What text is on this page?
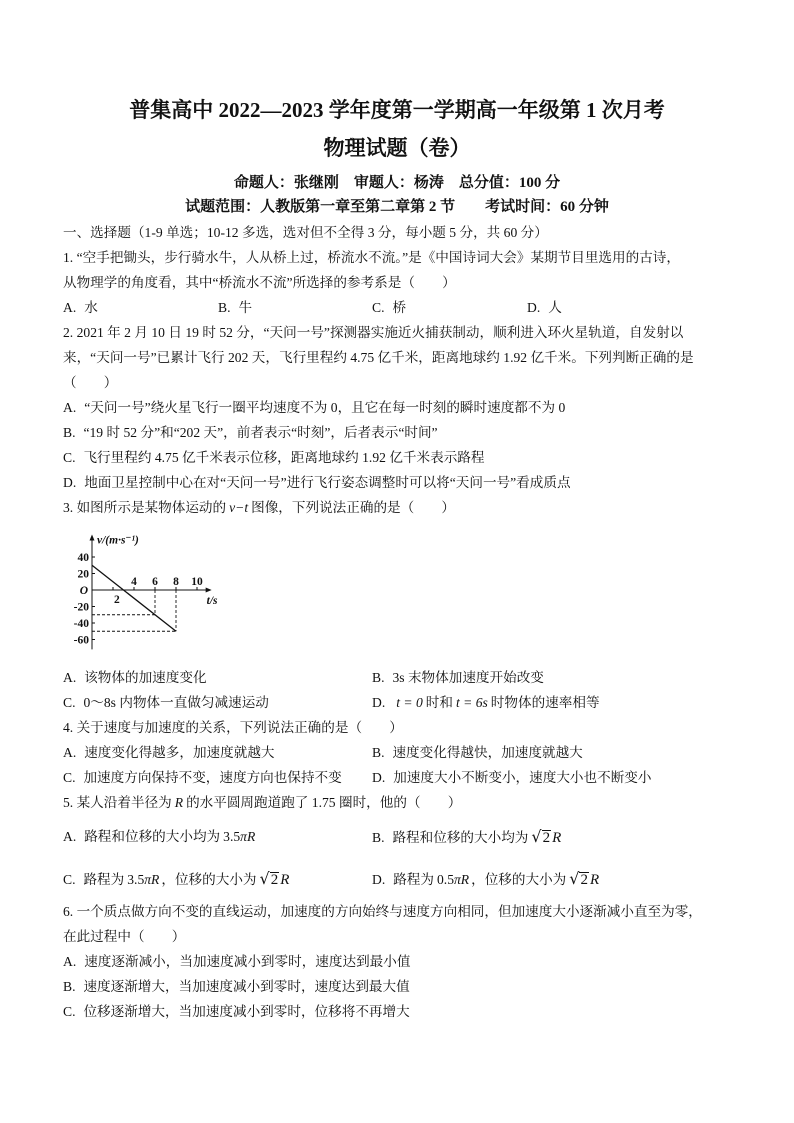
普集高中 2022—2023 学年度第一学期高一年级第 1 次月考
物理试题（卷）
命题人：张继刚　审题人：杨涛　总分值：100 分
试题范围：人教版第一章至第二章第 2 节　　考试时间：60 分钟
一、选择题（1-9 单选；10-12 多选，选对但不全得 3 分，每小题 5 分，共 60 分）
1. “空手把锄头，步行骑水牛，人从桥上过，桥流水不流。”是《中国诗词大会》某期节目里选用的古诗，
从物理学的角度看，其中“桥流水不流”所选择的参考系是（　　）
A. 水	B. 牛	C. 桥	D. 人
2. 2021 年 2 月 10 日 19 时 52 分，“天问一号”探测器实施近火捕获制动，顺利进入环火星轨道，自发射以
来，“天问一号”已累计飞行 202 天，飞行里程约 4.75 亿千米，距离地球约 1.92 亿千米。下列判断正确的是
（　　）
A. “天问一号”绕火星飞行一圈平均速度不为 0，且它在每一时刻的瞬时速度都不为 0
B. “19 时 52 分”和“202 天”，前者表示“时刻”，后者表示“时间”
C. 飞行里程约 4.75 亿千米表示位移，距离地球约 1.92 亿千米表示路程
D. 地面卫星控制中心在对“天问一号”进行飞行姿态调整时可以将“天问一号”看成质点
3. 如图所示是某物体运动的 v−t 图像，下列说法正确的是（　　）
40
20
-20
-40
-60
O
2
4 6 8 10
v/(m·s⁻¹)
t/s
A. 该物体的加速度变化	B. 3s 末物体加速度开始改变
C. 0～8s 内物体一直做匀减速运动	D. t = 0 时和 t = 6s 时物体的速率相等
4. 关于速度与加速度的关系，下列说法正确的是（　　）
A. 速度变化得越多，加速度就越大	B. 速度变化得越快，加速度就越大
C. 加速度方向保持不变，速度方向也保持不变	D. 加速度大小不断变小，速度大小也不断变小
5. 某人沿着半径为 R 的水平圆周跑道跑了 1.75 圈时，他的（　　）
A. 路程和位移的大小均为 3.5πR	B. 路程和位移的大小均为 √2 R
C. 路程为 3.5πR ，位移的大小为 √2 R	D. 路程为 0.5πR ，位移的大小为 √2 R
6. 一个质点做方向不变的直线运动，加速度的方向始终与速度方向相同，但加速度大小逐渐减小直至为零，
在此过程中（　　）
A. 速度逐渐减小，当加速度减小到零时，速度达到最小值
B. 速度逐渐增大，当加速度减小到零时，速度达到最大值
C. 位移逐渐增大，当加速度减小到零时，位移将不再增大
